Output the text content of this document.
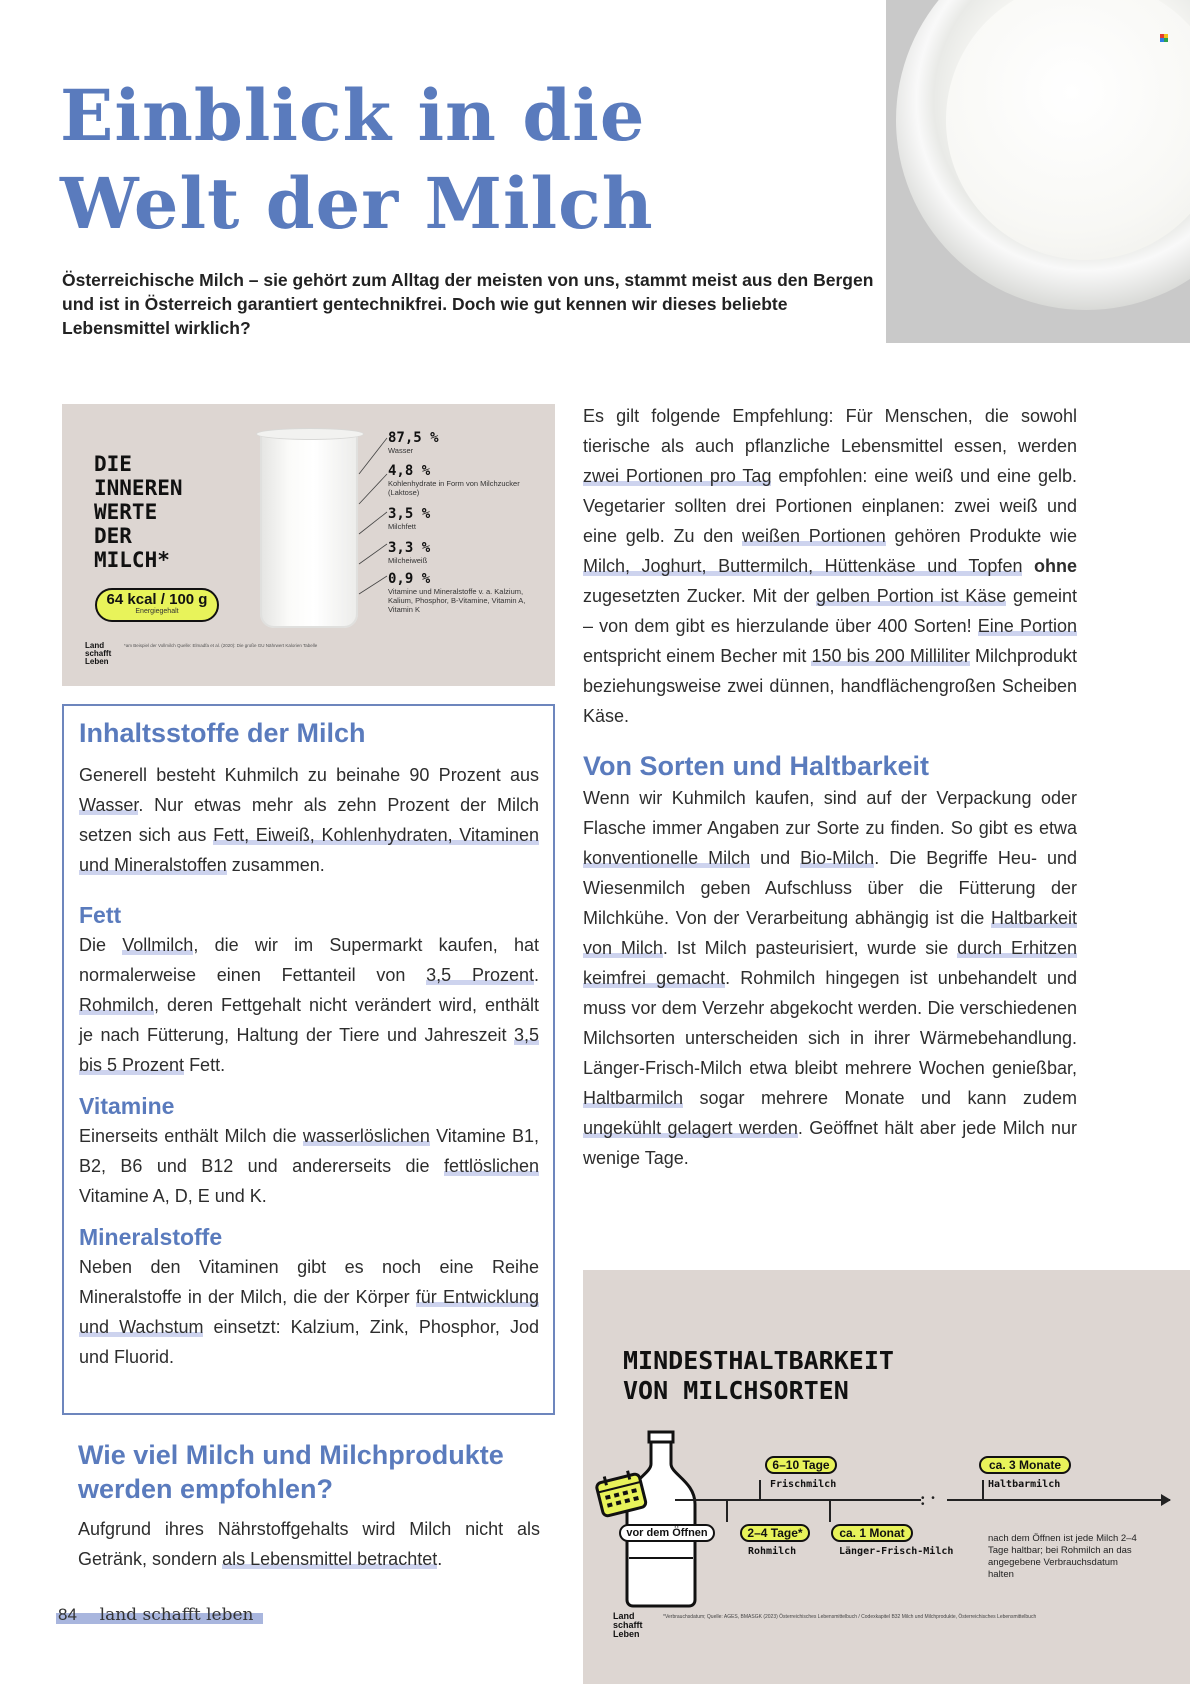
Einblick in die
Welt der Milch
Österreichische Milch – sie gehört zum Alltag der meisten von uns, stammt meist aus den Bergen und ist in Österreich garantiert gentechnikfrei. Doch wie gut kennen wir dieses beliebte Lebensmittel wirklich?
DIE
INNEREN
WERTE
DER
MILCH*
64 kcal / 100 g
Energiegehalt
87,5 %
Wasser
4,8 %
Kohlenhydrate in Form von Milchzucker (Laktose)
3,5 %
Milchfett
3,3 %
Milcheiweiß
0,9 %
Vitamine und Mineralstoffe v. a. Kalzium, Kalium, Phosphor, B-Vitamine, Vitamin A, Vitamin K
Land
schafft
Leben
*am Beispiel der Vollmilch Quelle: Elmadfa et al. (2020): Die große GU Nährwert Kalorien Tabelle
Inhaltsstoffe der Milch
Generell besteht Kuhmilch zu beinahe 90 Prozent aus Wasser. Nur etwas mehr als zehn Prozent der Milch setzen sich aus Fett, Eiweiß, Kohlenhydraten, Vitaminen und Mineralstoffen zusammen.
Fett
Die Vollmilch, die wir im Supermarkt kaufen, hat normalerweise einen Fettanteil von 3,5 Prozent. Rohmilch, deren Fettgehalt nicht verändert wird, enthält je nach Fütterung, Haltung der Tiere und Jahreszeit 3,5 bis 5 Prozent Fett.
Vitamine
Einerseits enthält Milch die wasserlöslichen Vitamine B1, B2, B6 und B12 und andererseits die fettlöslichen Vitamine A, D, E und K.
Mineralstoffe
Neben den Vitaminen gibt es noch eine Reihe Mineralstoffe in der Milch, die der Körper für Entwicklung und Wachstum einsetzt: Kalzium, Zink, Phosphor, Jod und Fluorid.
Wie viel Milch und Milchprodukte werden empfohlen?
Aufgrund ihres Nährstoffgehalts wird Milch nicht als Getränk, sondern als Lebensmittel betrachtet.
Es gilt folgende Empfehlung: Für Menschen, die sowohl tierische als auch pflanzliche Lebensmittel essen, werden zwei Portionen pro Tag empfohlen: eine weiß und eine gelb. Vegetarier sollten drei Portionen einplanen: zwei weiß und eine gelb. Zu den weißen Portionen gehören Produkte wie Milch, Joghurt, Buttermilch, Hüttenkäse und Topfen ohne zugesetzten Zucker. Mit der gelben Portion ist Käse gemeint – von dem gibt es hierzulande über 400 Sorten! Eine Portion entspricht einem Becher mit 150 bis 200 Milliliter Milchprodukt beziehungsweise zwei dünnen, handflächengroßen Scheiben Käse.
Von Sorten und Haltbarkeit
Wenn wir Kuhmilch kaufen, sind auf der Verpackung oder Flasche immer Angaben zur Sorte zu finden. So gibt es etwa konventionelle Milch und Bio-Milch. Die Begriffe Heu- und Wiesenmilch geben Aufschluss über die Fütterung der Milchkühe. Von der Verarbeitung abhängig ist die Haltbarkeit von Milch. Ist Milch pasteurisiert, wurde sie durch Erhitzen keimfrei gemacht. Rohmilch hingegen ist unbehandelt und muss vor dem Verzehr abgekocht werden. Die verschiedenen Milchsorten unterscheiden sich in ihrer Wärmebehandlung. Länger-Frisch-Milch etwa bleibt mehrere Wochen genießbar, Haltbarmilch sogar mehrere Monate und kann zudem ungekühlt gelagert werden. Geöffnet hält aber jede Milch nur wenige Tage.
MINDESTHALTBARKEIT
VON MILCHSORTEN
• • •
vor dem Öffnen	2–4 Tage*
Rohmilch
6–10 Tage
Frischmilch
ca. 1 Monat
Länger-Frisch-Milch
ca. 3 Monate
Haltbarmilch
nach dem Öffnen ist jede Milch 2–4 Tage haltbar; bei Rohmilch an das angegebene Verbrauchsdatum halten
Land
schafft
Leben
*Verbrauchsdatum; Quelle: AGES, BMASGK (2023) Österreichisches Lebensmittelbuch / Codexkapitel B32 Milch und Milchprodukte, Österreichisches Lebensmittelbuch
84 land schafft leben
